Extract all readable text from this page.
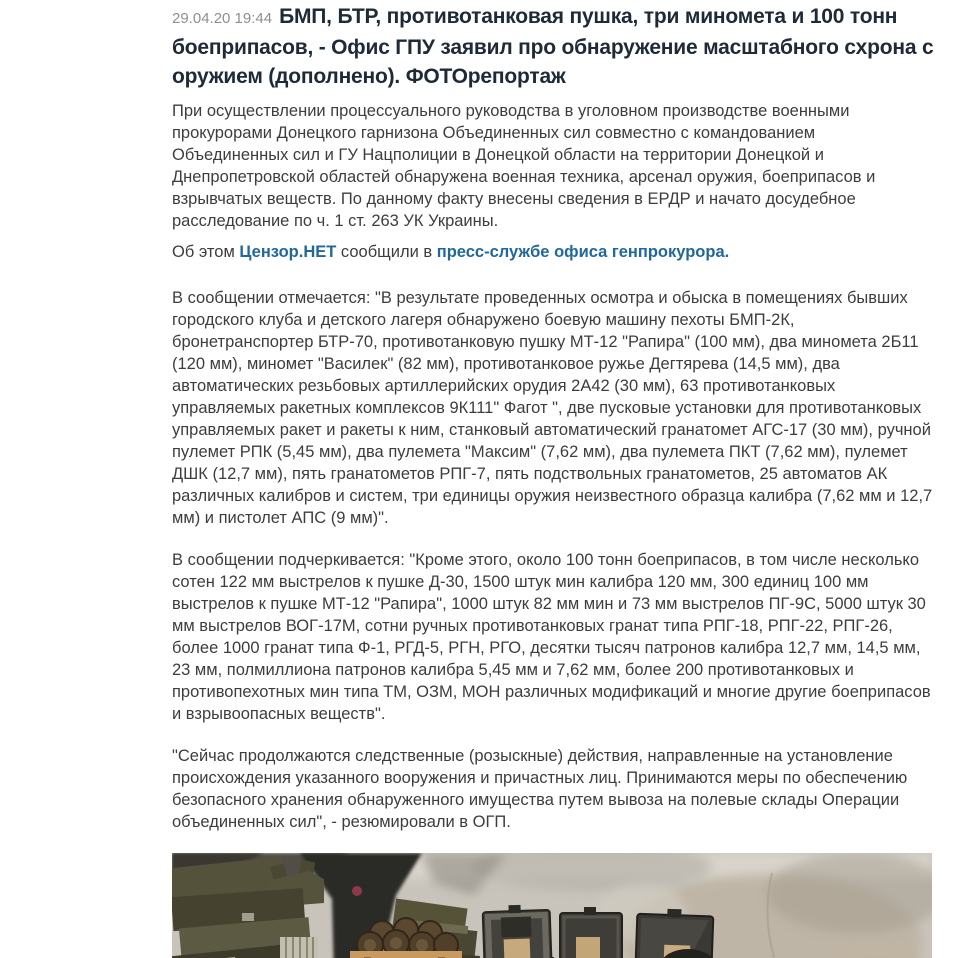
29.04.20 19:44 БМП, БТР, противотанковая пушка, три миномета и 100 тонн боеприпасов, - Офис ГПУ заявил про обнаружение масштабного схрона с оружием (дополнено). ФОТОрепортаж

При осуществлении процессуального руководства в уголовном производстве военными прокурорами Донецкого гарнизона Объединенных сил совместно с командованием Объединенных сил и ГУ Нацполиции в Донецкой области на территории Донецкой и Днепропетровской областей обнаружена военная техника, арсенал оружия, боеприпасов и взрывчатых веществ. По данному факту внесены сведения в ЕРДР и начато досудебное расследование по ч. 1 ст. 263 УК Украины.

Об этом Цензор.НЕТ сообщили в пресс-службе офиса генпрокурора.

В сообщении отмечается: "В результате проведенных осмотра и обыска в помещениях бывших городского клуба и детского лагеря обнаружено боевую машину пехоты БМП-2К, бронетранспортер БТР-70, противотанковую пушку МТ-12 "Рапира" (100 мм), два миномета 2Б11 (120 мм), миномет "Василек" (82 мм), противотанковое ружье Дегтярева (14,5 мм), два автоматических резьбовых артиллерийских орудия 2А42 (30 мм), 63 противотанковых управляемых ракетных комплексов 9К111" Фагот ", две пусковые установки для противотанковых управляемых ракет и ракеты к ним, станковый автоматический гранатомет АГС-17 (30 мм), ручной пулемет РПК (5,45 мм), два пулемета "Максим" (7,62 мм), два пулемета ПКТ (7,62 мм), пулемет ДШК (12,7 мм), пять гранатометов РПГ-7, пять подствольных гранатометов, 25 автоматов АК различных калибров и систем, три единицы оружия неизвестного образца калибра (7,62 мм и 12,7 мм) и пистолет АПС (9 мм)".

В сообщении подчеркивается: "Кроме этого, около 100 тонн боеприпасов, в том числе несколько сотен 122 мм выстрелов к пушке Д-30, 1500 штук мин калибра 120 мм, 300 единиц 100 мм выстрелов к пушке МТ-12 "Рапира", 1000 штук 82 мм мин и 73 мм выстрелов ПГ-9С, 5000 штук 30 мм выстрелов ВОГ-17М, сотни ручных противотанковых гранат типа РПГ-18, РПГ-22, РПГ-26, более 1000 гранат типа Ф-1, РГД-5, РГН, РГО, десятки тысяч патронов калибра 12,7 мм, 14,5 мм, 23 мм, полмиллиона патронов калибра 5,45 мм и 7,62 мм, более 200 противотанковых и противопехотных мин типа ТМ, ОЗМ, МОН различных модификаций и многие другие боеприпасов и взрывоопасных веществ".

"Сейчас продолжаются следственные (розыскные) действия, направленные на установление происхождения указанного вооружения и причастных лиц. Принимаются меры по обеспечению безопасного хранения обнаруженного имущества путем вывоза на полевые склады Операции объединенных сил", - резюмировали в ОГП.
